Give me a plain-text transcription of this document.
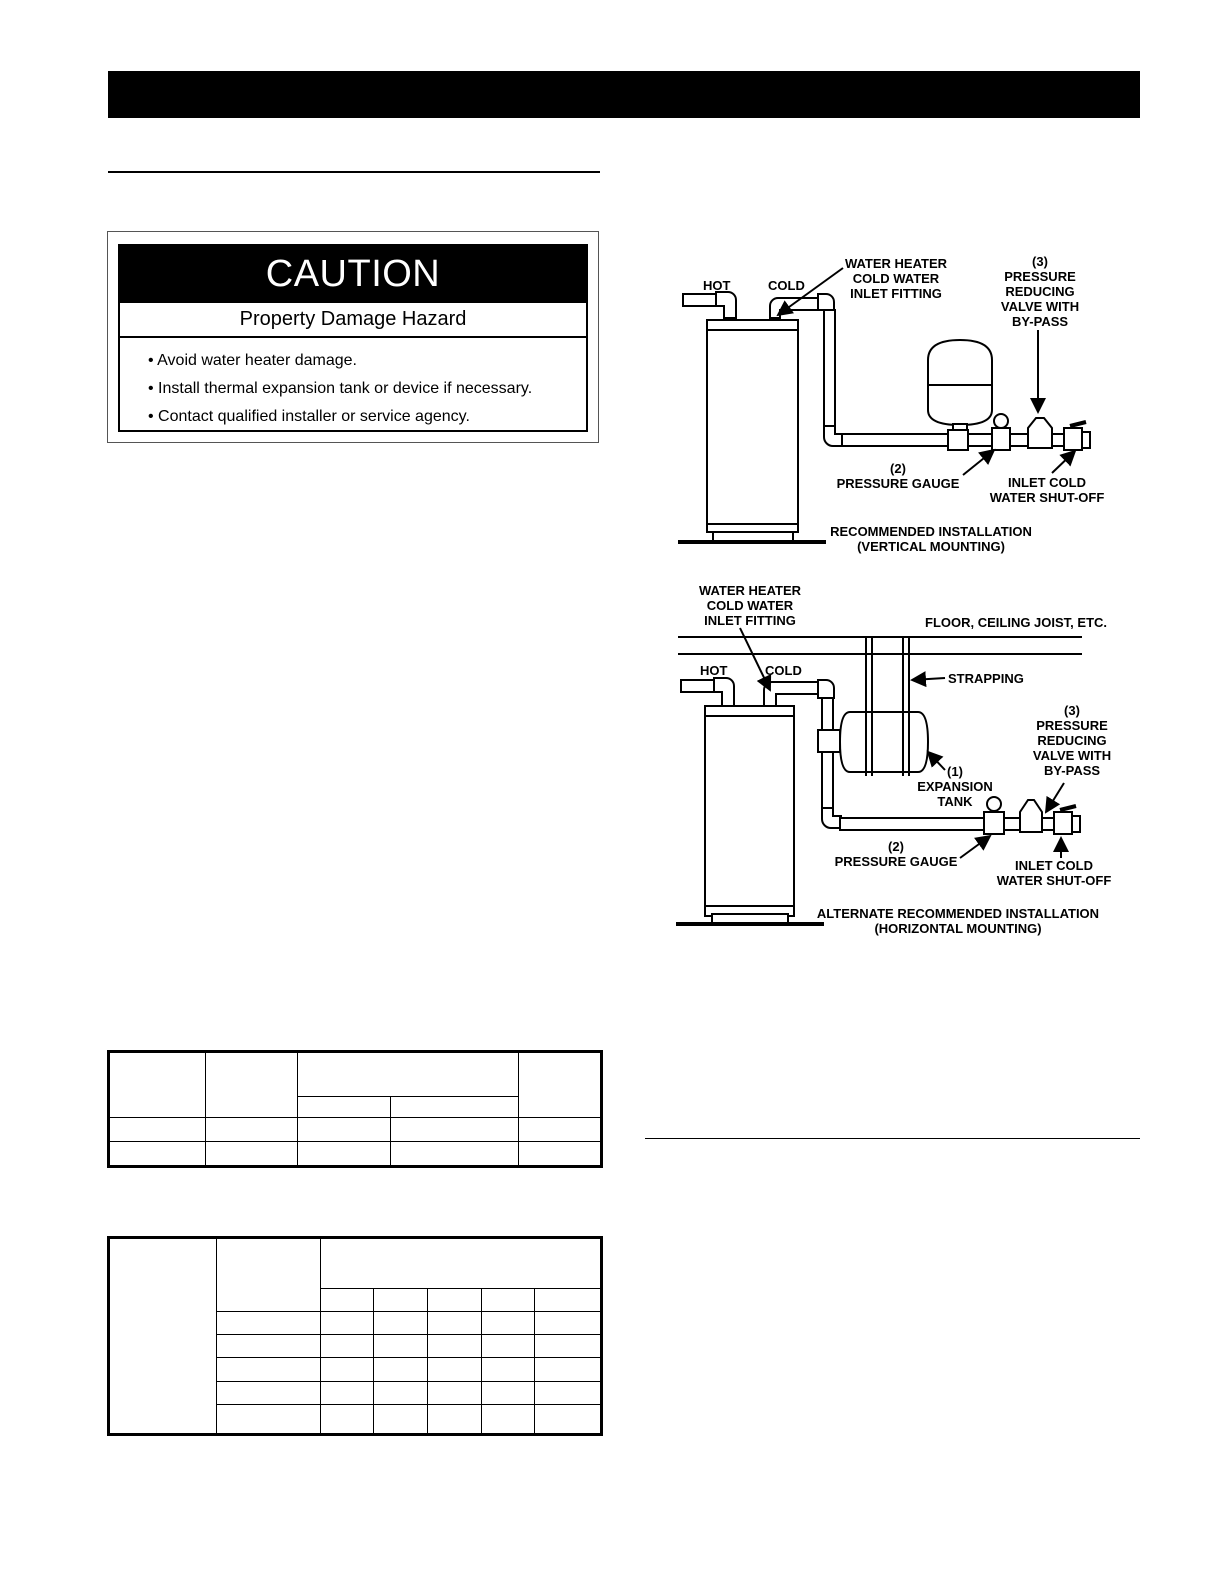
CAUTION
Property Damage Hazard
• Avoid water heater damage.
• Install thermal expansion tank or device if necessary.
• Contact qualified installer or service agency.

HOT	COLD
WATER HEATER
COLD WATER
INLET FITTING
(3)
PRESSURE
REDUCING
VALVE WITH
BY-PASS
(2)
PRESSURE GAUGE	INLET COLD
WATER SHUT-OFF
RECOMMENDED INSTALLATION
(VERTICAL MOUNTING)
WATER HEATER
COLD WATER
INLET FITTING	FLOOR, CEILING JOIST, ETC.
HOT	COLD
STRAPPING
(3)
PRESSURE
REDUCING
VALVE WITH
BY-PASS
(1)
EXPANSION
TANK
(2)
PRESSURE GAUGE	INLET COLD
WATER SHUT-OFF
ALTERNATE RECOMMENDED INSTALLATION
(HORIZONTAL MOUNTING)
